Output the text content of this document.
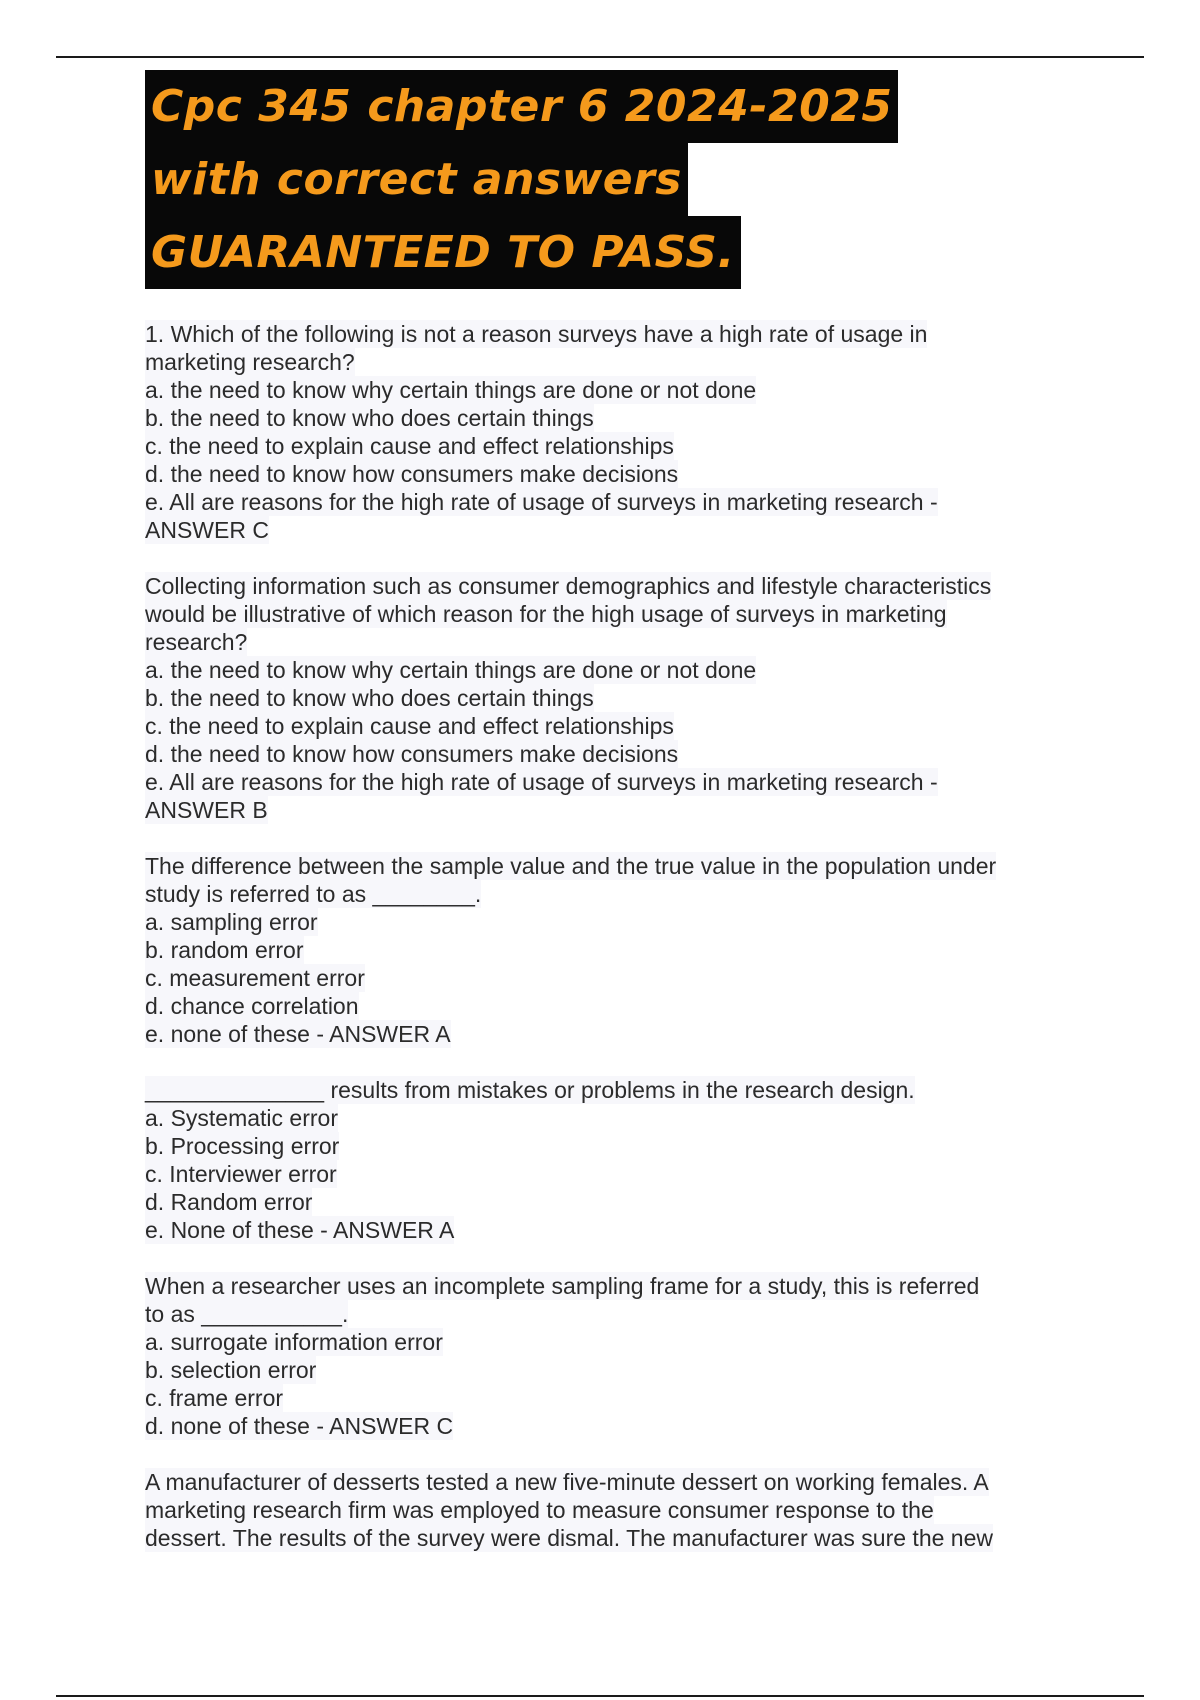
Cpc 345 chapter 6 2024-2025
with correct answers
GUARANTEED TO PASS.
1. Which of the following is not a reason surveys have a high rate of usage in
marketing research?
a. the need to know why certain things are done or not done
b. the need to know who does certain things
c. the need to explain cause and effect relationships
d. the need to know how consumers make decisions
e. All are reasons for the high rate of usage of surveys in marketing research -
ANSWER C
Collecting information such as consumer demographics and lifestyle characteristics
would be illustrative of which reason for the high usage of surveys in marketing
research?
a. the need to know why certain things are done or not done
b. the need to know who does certain things
c. the need to explain cause and effect relationships
d. the need to know how consumers make decisions
e. All are reasons for the high rate of usage of surveys in marketing research -
ANSWER B
The difference between the sample value and the true value in the population under
study is referred to as ________.
a. sampling error
b. random error
c. measurement error
d. chance correlation
e. none of these - ANSWER A
______________ results from mistakes or problems in the research design.
a. Systematic error
b. Processing error
c. Interviewer error
d. Random error
e. None of these - ANSWER A
When a researcher uses an incomplete sampling frame for a study, this is referred
to as ___________.
a. surrogate information error
b. selection error
c. frame error
d. none of these - ANSWER C
A manufacturer of desserts tested a new five-minute dessert on working females. A
marketing research firm was employed to measure consumer response to the
dessert. The results of the survey were dismal. The manufacturer was sure the new
